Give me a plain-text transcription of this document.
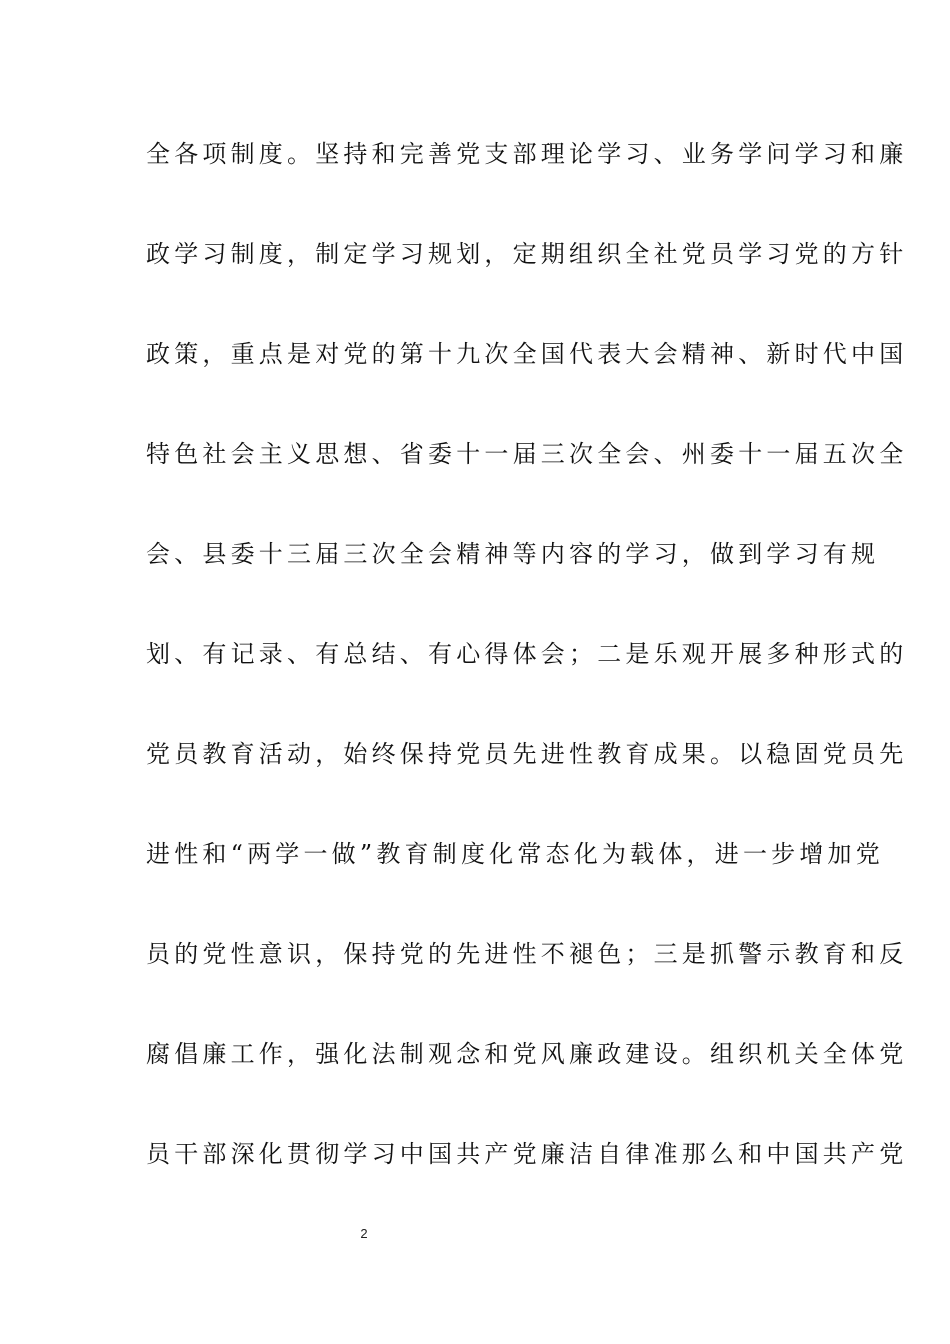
全各项制度。坚持和完善党支部理论学习、业务学问学习和廉
政学习制度，制定学习规划，定期组织全社党员学习党的方针
政策，重点是对党的第十九次全国代表大会精神、新时代中国
特色社会主义思想、省委十一届三次全会、州委十一届五次全
会、县委十三届三次全会精神等内容的学习，做到学习有规
划、有记录、有总结、有心得体会；二是乐观开展多种形式的
党员教育活动，始终保持党员先进性教育成果。以稳固党员先
进性和“两学一做”教育制度化常态化为载体，进一步增加党
员的党性意识，保持党的先进性不褪色；三是抓警示教育和反
腐倡廉工作，强化法制观念和党风廉政建设。组织机关全体党
员干部深化贯彻学习中国共产党廉洁自律准那么和中国共产党
2
